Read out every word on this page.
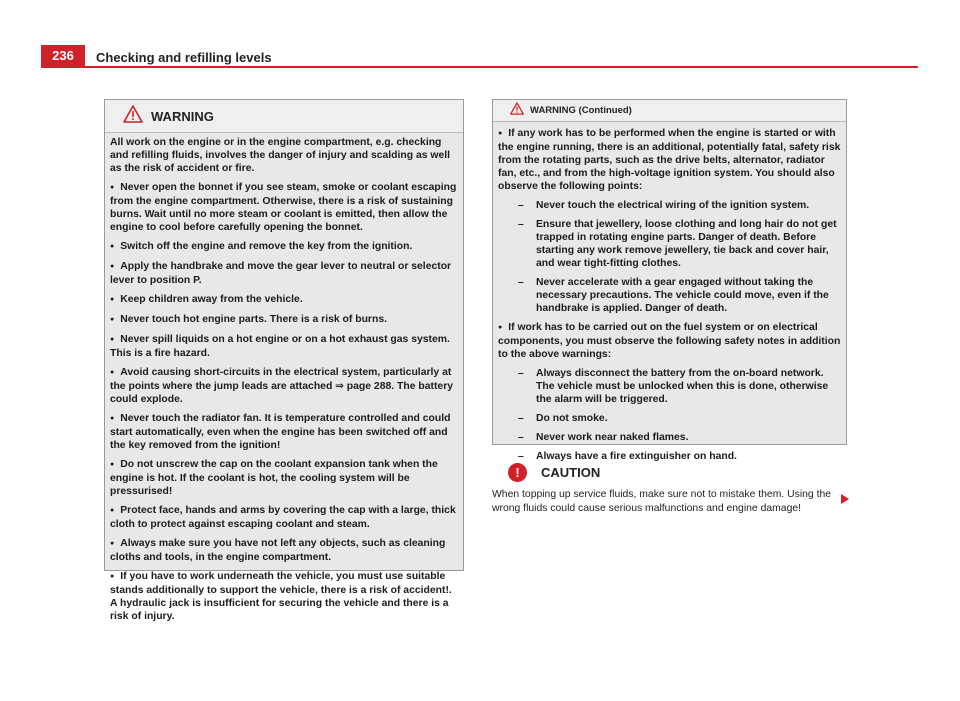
236	Checking and refilling levels
WARNING

All work on the engine or in the engine compartment, e.g. checking and refilling fluids, involves the danger of injury and scalding as well as the risk of accident or fire.

● Never open the bonnet if you see steam, smoke or coolant escaping from the engine compartment. Otherwise, there is a risk of sustaining burns. Wait until no more steam or coolant is emitted, then allow the engine to cool before carefully opening the bonnet.

● Switch off the engine and remove the key from the ignition.

● Apply the handbrake and move the gear lever to neutral or selector lever to position P.

● Keep children away from the vehicle.

● Never touch hot engine parts. There is a risk of burns.

● Never spill liquids on a hot engine or on a hot exhaust gas system. This is a fire hazard.

● Avoid causing short-circuits in the electrical system, particularly at the points where the jump leads are attached ⇒ page 288. The battery could explode.

● Never touch the radiator fan. It is temperature controlled and could start automatically, even when the engine has been switched off and the key removed from the ignition!

● Do not unscrew the cap on the coolant expansion tank when the engine is hot. If the coolant is hot, the cooling system will be pressurised!

● Protect face, hands and arms by covering the cap with a large, thick cloth to protect against escaping coolant and steam.

● Always make sure you have not left any objects, such as cleaning cloths and tools, in the engine compartment.

● If you have to work underneath the vehicle, you must use suitable stands additionally to support the vehicle, there is a risk of accident!. A hydraulic jack is insufficient for securing the vehicle and there is a risk of injury.

WARNING (Continued)

● If any work has to be performed when the engine is started or with the engine running, there is an additional, potentially fatal, safety risk from the rotating parts, such as the drive belts, alternator, radiator fan, etc., and from the high-voltage ignition system. You should also observe the following points:

– Never touch the electrical wiring of the ignition system.

– Ensure that jewellery, loose clothing and long hair do not get trapped in rotating engine parts. Danger of death. Before starting any work remove jewellery, tie back and cover hair, and wear tight-fitting clothes.

– Never accelerate with a gear engaged without taking the necessary precautions. The vehicle could move, even if the handbrake is applied. Danger of death.

● If work has to be carried out on the fuel system or on electrical components, you must observe the following safety notes in addition to the above warnings:

– Always disconnect the battery from the on-board network. The vehicle must be unlocked when this is done, otherwise the alarm will be triggered.

– Do not smoke.

– Never work near naked flames.

– Always have a fire extinguisher on hand.

!	CAUTION
When topping up service fluids, make sure not to mistake them. Using the wrong fluids could cause serious malfunctions and engine damage!
